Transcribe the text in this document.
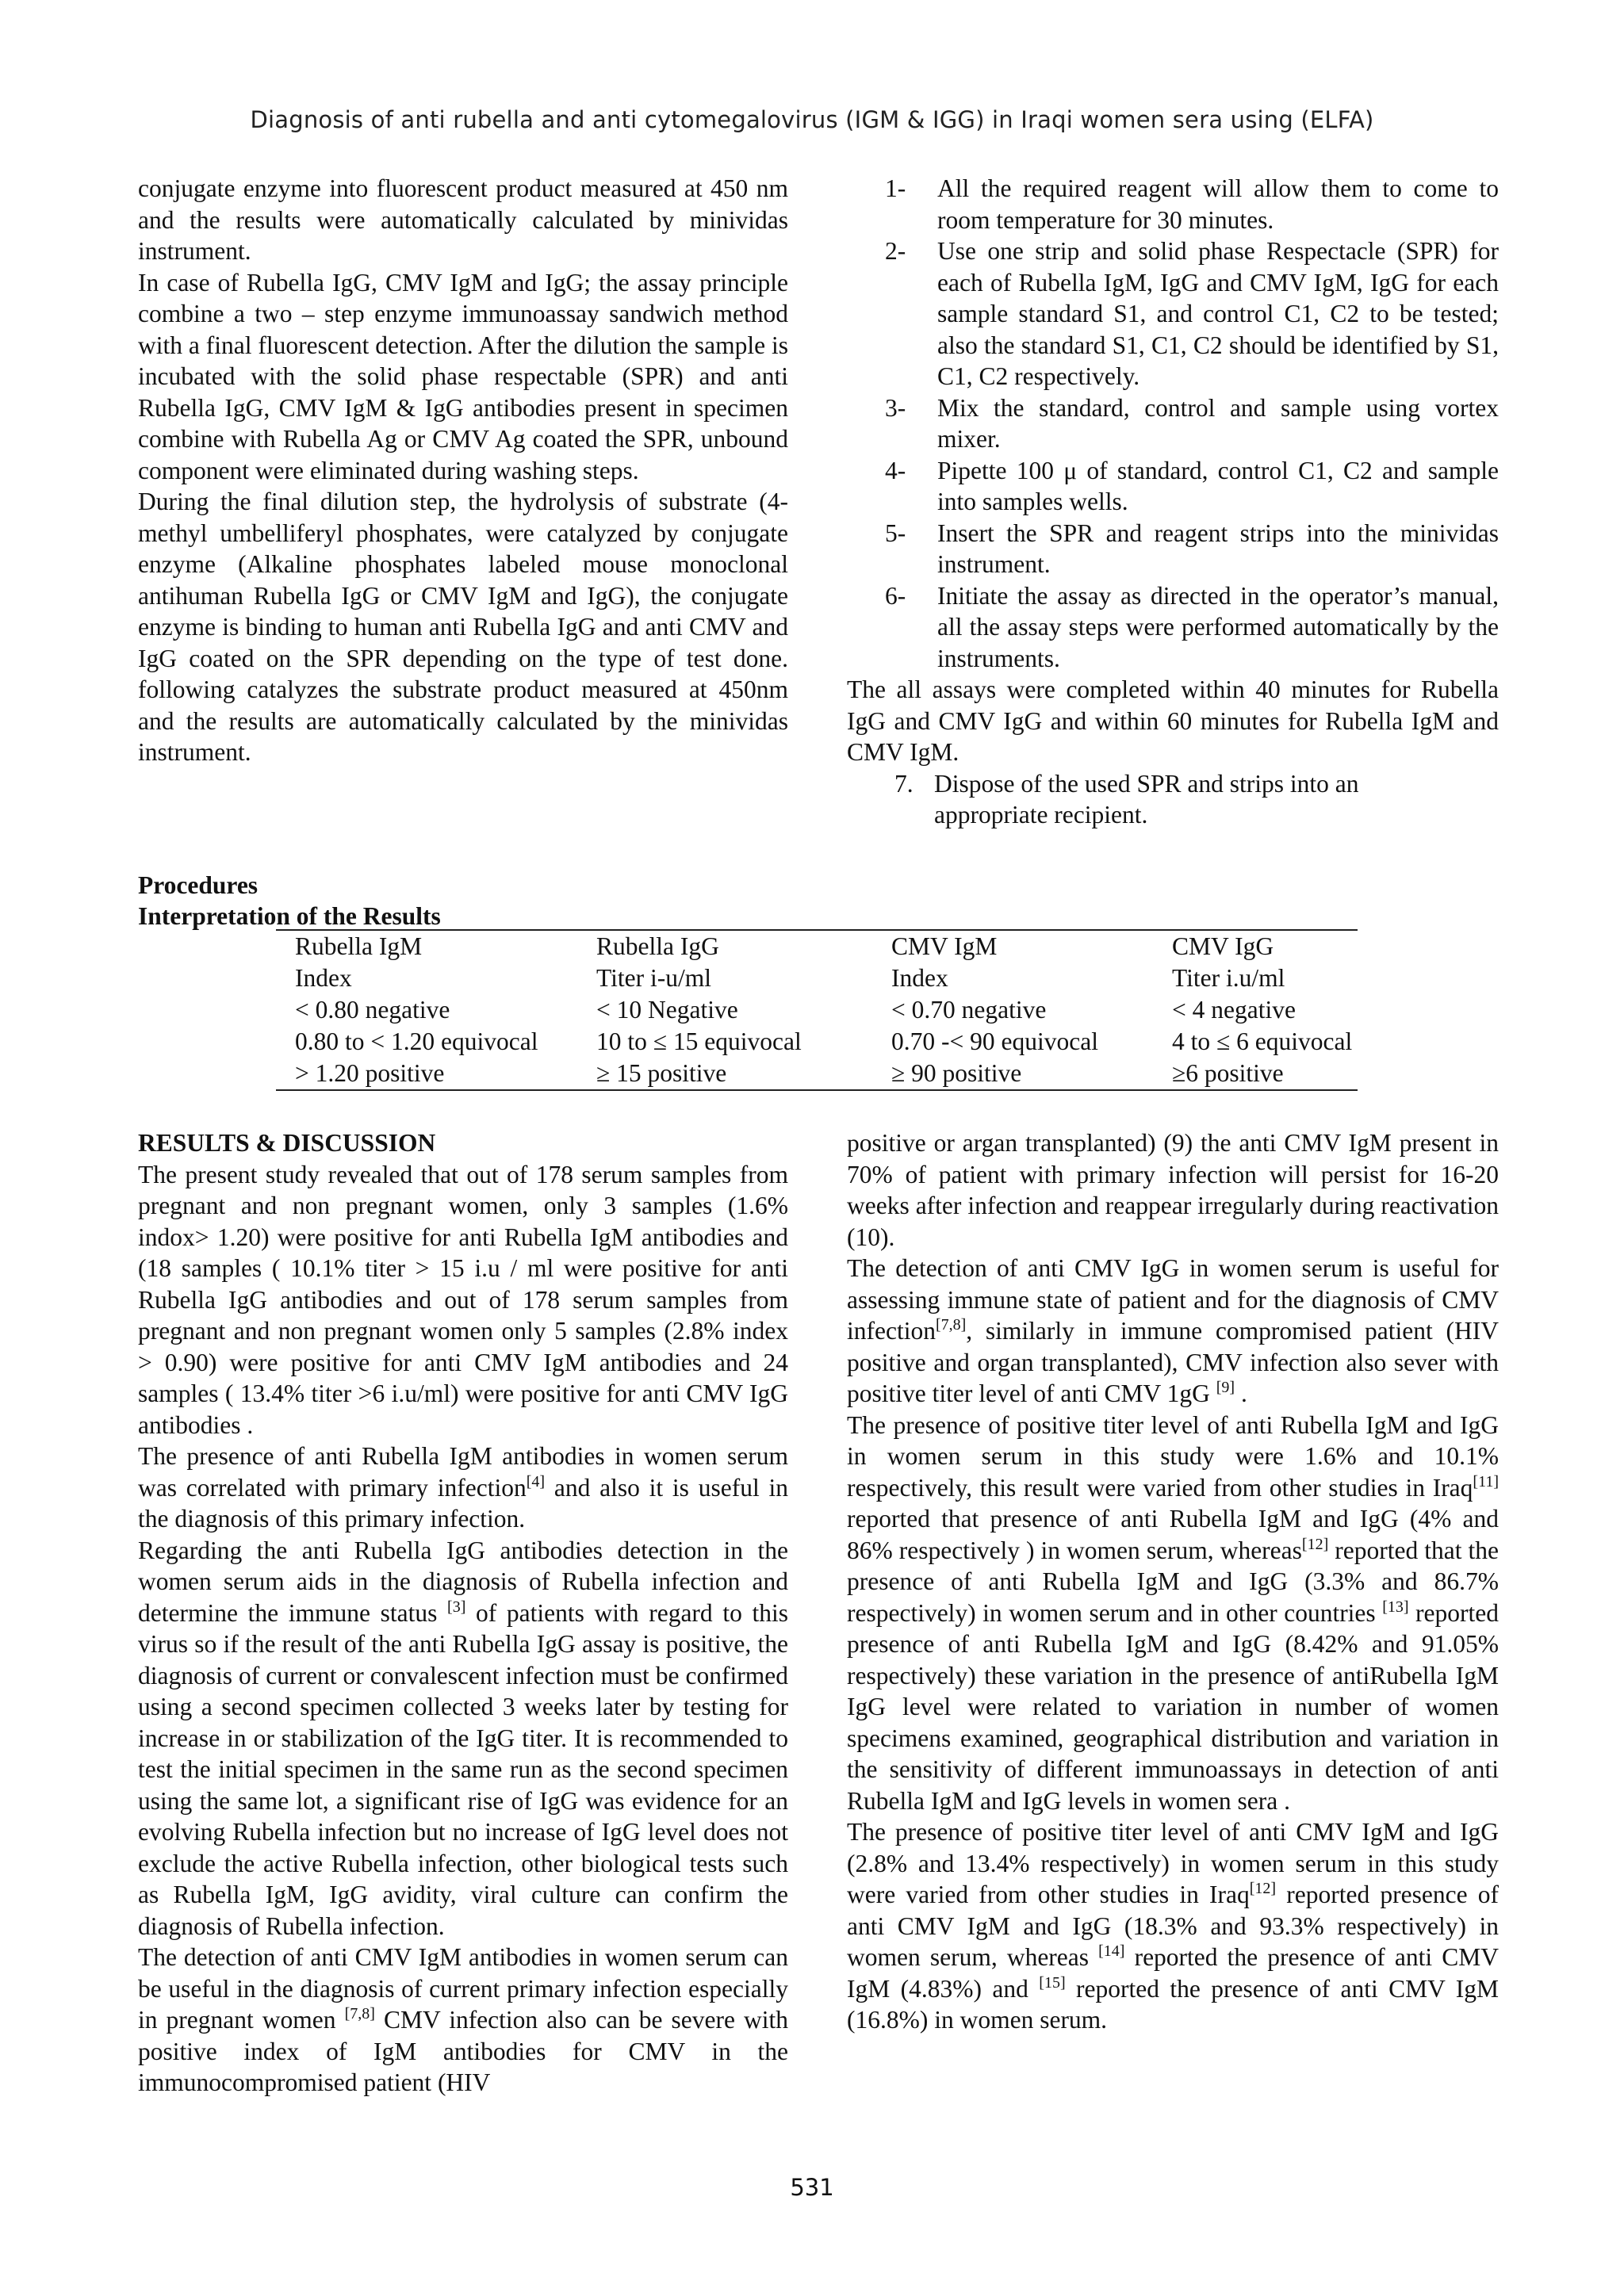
Diagnosis of anti rubella and anti cytomegalovirus (IGM & IGG) in Iraqi women sera using (ELFA)

conjugate enzyme into fluorescent product measured at 450 nm and the results were automatically calculated by minividas instrument.

In case of Rubella IgG, CMV IgM and IgG; the assay principle combine a two – step enzyme immunoassay sandwich method with a final fluorescent detection. After the dilution the sample is incubated with the solid phase respectable (SPR) and anti Rubella IgG, CMV IgM & IgG antibodies present in specimen combine with Rubella Ag or CMV Ag coated the SPR, unbound component were eliminated during washing steps.

During the final dilution step, the hydrolysis of substrate (4-methyl umbelliferyl phosphates, were catalyzed by conjugate enzyme (Alkaline phosphates labeled mouse monoclonal antihuman Rubella IgG or CMV IgM and IgG), the conjugate enzyme is binding to human anti Rubella IgG and anti CMV and IgG coated on the SPR depending on the type of test done. following catalyzes the substrate product measured at 450nm and the results are automatically calculated by the minividas instrument.

1- All the required reagent will allow them to come to room temperature for 30 minutes.
2- Use one strip and solid phase Respectacle (SPR) for each of Rubella IgM, IgG and CMV IgM, IgG for each sample standard S1, and control C1, C2 to be tested; also the standard S1, C1, C2 should be identified by S1, C1, C2 respectively.
3- Mix the standard, control and sample using vortex mixer.
4- Pipette 100 μ of standard, control C1, C2 and sample into samples wells.
5- Insert the SPR and reagent strips into the minividas instrument.
6- Initiate the assay as directed in the operator’s manual, all the assay steps were performed automatically by the instruments.

The all assays were completed within 40 minutes for Rubella IgG and CMV IgG and within 60 minutes for Rubella IgM and CMV IgM.

7. Dispose of the used SPR and strips into an
appropriate recipient.
Procedures
Interpretation of the Results
Rubella IgM	Rubella IgG	CMV IgM	CMV IgG
Index	Titer i-u/ml	Index	Titer i.u/ml
< 0.80 negative	< 10 Negative	< 0.70 negative	< 4 negative
0.80 to < 1.20 equivocal	10 to ≤ 15 equivocal	0.70 -< 90 equivocal	4 to ≤ 6 equivocal
> 1.20 positive	≥ 15 positive	≥ 90 positive	≥6 positive
RESULTS & DISCUSSION

The present study revealed that out of 178 serum samples from pregnant and non pregnant women, only 3 samples (1.6% indox> 1.20) were positive for anti Rubella IgM antibodies and (18 samples ( 10.1% titer > 15 i.u / ml were positive for anti Rubella IgG antibodies and out of 178 serum samples from pregnant and non pregnant women only 5 samples (2.8% index > 0.90) were positive for anti CMV IgM antibodies and 24 samples ( 13.4% titer >6 i.u/ml) were positive for anti CMV IgG antibodies .

The presence of anti Rubella IgM antibodies in women serum was correlated with primary infection[4] and also it is useful in the diagnosis of this primary infection.

Regarding the anti Rubella IgG antibodies detection in the women serum aids in the diagnosis of Rubella infection and determine the immune status [3] of patients with regard to this virus so if the result of the anti Rubella IgG assay is positive, the diagnosis of current or convalescent infection must be confirmed using a second specimen collected 3 weeks later by testing for increase in or stabilization of the IgG titer. It is recommended to test the initial specimen in the same run as the second specimen using the same lot, a significant rise of IgG was evidence for an evolving Rubella infection but no increase of IgG level does not exclude the active Rubella infection, other biological tests such as Rubella IgM, IgG avidity, viral culture can confirm the diagnosis of Rubella infection.

The detection of anti CMV IgM antibodies in women serum can be useful in the diagnosis of current primary infection especially in pregnant women [7,8] CMV infection also can be severe with positive index of IgM antibodies for CMV in the immunocompromised patient (HIV

positive or argan transplanted) (9) the anti CMV IgM present in 70% of patient with primary infection will persist for 16-20 weeks after infection and reappear irregularly during reactivation (10).

The detection of anti CMV IgG in women serum is useful for assessing immune state of patient and for the diagnosis of CMV infection[7,8], similarly in immune compromised patient (HIV positive and organ transplanted), CMV infection also sever with positive titer level of anti CMV 1gG [9] .

The presence of positive titer level of anti Rubella IgM and IgG in women serum in this study were 1.6% and 10.1% respectively, this result were varied from other studies in Iraq[11] reported that presence of anti Rubella IgM and IgG (4% and 86% respectively ) in women serum, whereas[12] reported that the presence of anti Rubella IgM and IgG (3.3% and 86.7% respectively) in women serum and in other countries [13] reported presence of anti Rubella IgM and IgG (8.42% and 91.05% respectively) these variation in the presence of antiRubella IgM IgG level were related to variation in number of women specimens examined, geographical distribution and variation in the sensitivity of different immunoassays in detection of anti Rubella IgM and IgG levels in women sera .

The presence of positive titer level of anti CMV IgM and IgG (2.8% and 13.4% respectively) in women serum in this study were varied from other studies in Iraq[12] reported presence of anti CMV IgM and IgG (18.3% and 93.3% respectively) in women serum, whereas [14] reported the presence of anti CMV IgM (4.83%) and [15] reported the presence of anti CMV IgM (16.8%) in women serum.

531
